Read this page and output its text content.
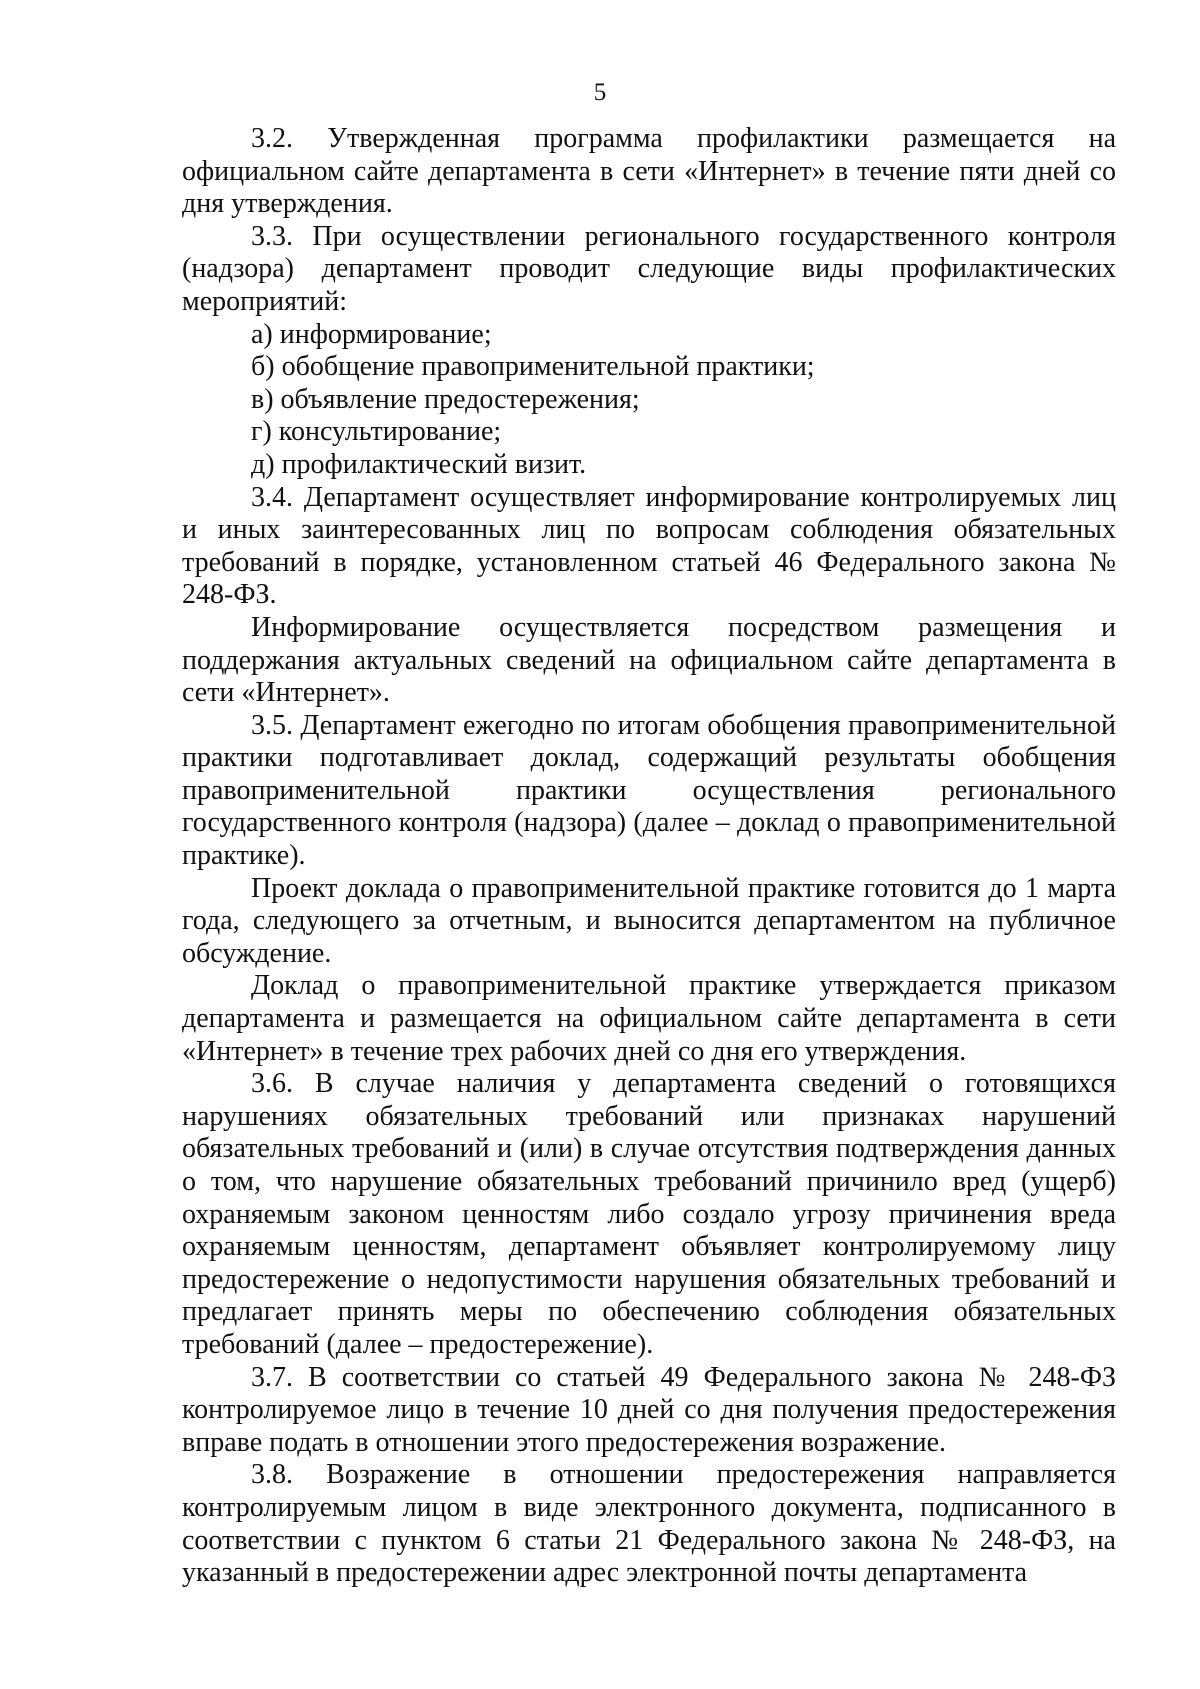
5

3.2. Утвержденная программа профилактики размещается на официальном сайте департамента в сети «Интернет» в течение пяти дней со дня утверждения.

3.3. При осуществлении регионального государственного контроля (надзора) департамент проводит следующие виды профилактических мероприятий:

а) информирование;

б) обобщение правоприменительной практики;

в) объявление предостережения;

г) консультирование;

д) профилактический визит.

3.4. Департамент осуществляет информирование контролируемых лиц и иных заинтересованных лиц по вопросам соблюдения обязательных требований в порядке, установленном статьей 46 Федерального закона № 248-ФЗ.

Информирование осуществляется посредством размещения и поддержания актуальных сведений на официальном сайте департамента в сети «Интернет».

3.5. Департамент ежегодно по итогам обобщения правоприменительной практики подготавливает доклад, содержащий результаты обобщения правоприменительной практики осуществления регионального государственного контроля (надзора) (далее – доклад о правоприменительной практике).

Проект доклада о правоприменительной практике готовится до 1 марта года, следующего за отчетным, и выносится департаментом на публичное обсуждение.

Доклад о правоприменительной практике утверждается приказом департамента и размещается на официальном сайте департамента в сети «Интернет» в течение трех рабочих дней со дня его утверждения.

3.6. В случае наличия у департамента сведений о готовящихся нарушениях обязательных требований или признаках нарушений обязательных требований и (или) в случае отсутствия подтверждения данных о том, что нарушение обязательных требований причинило вред (ущерб) охраняемым законом ценностям либо создало угрозу причинения вреда охраняемым ценностям, департамент объявляет контролируемому лицу предостережение о недопустимости нарушения обязательных требований и предлагает принять меры по обеспечению соблюдения обязательных требований (далее – предостережение).

3.7. В соответствии со статьей 49 Федерального закона № 248-ФЗ контролируемое лицо в течение 10 дней со дня получения предостережения вправе подать в отношении этого предостережения возражение.

3.8. Возражение в отношении предостережения направляется контролируемым лицом в виде электронного документа, подписанного в соответствии с пунктом 6 статьи 21 Федерального закона № 248-ФЗ, на указанный в предостережении адрес электронной почты департамента
